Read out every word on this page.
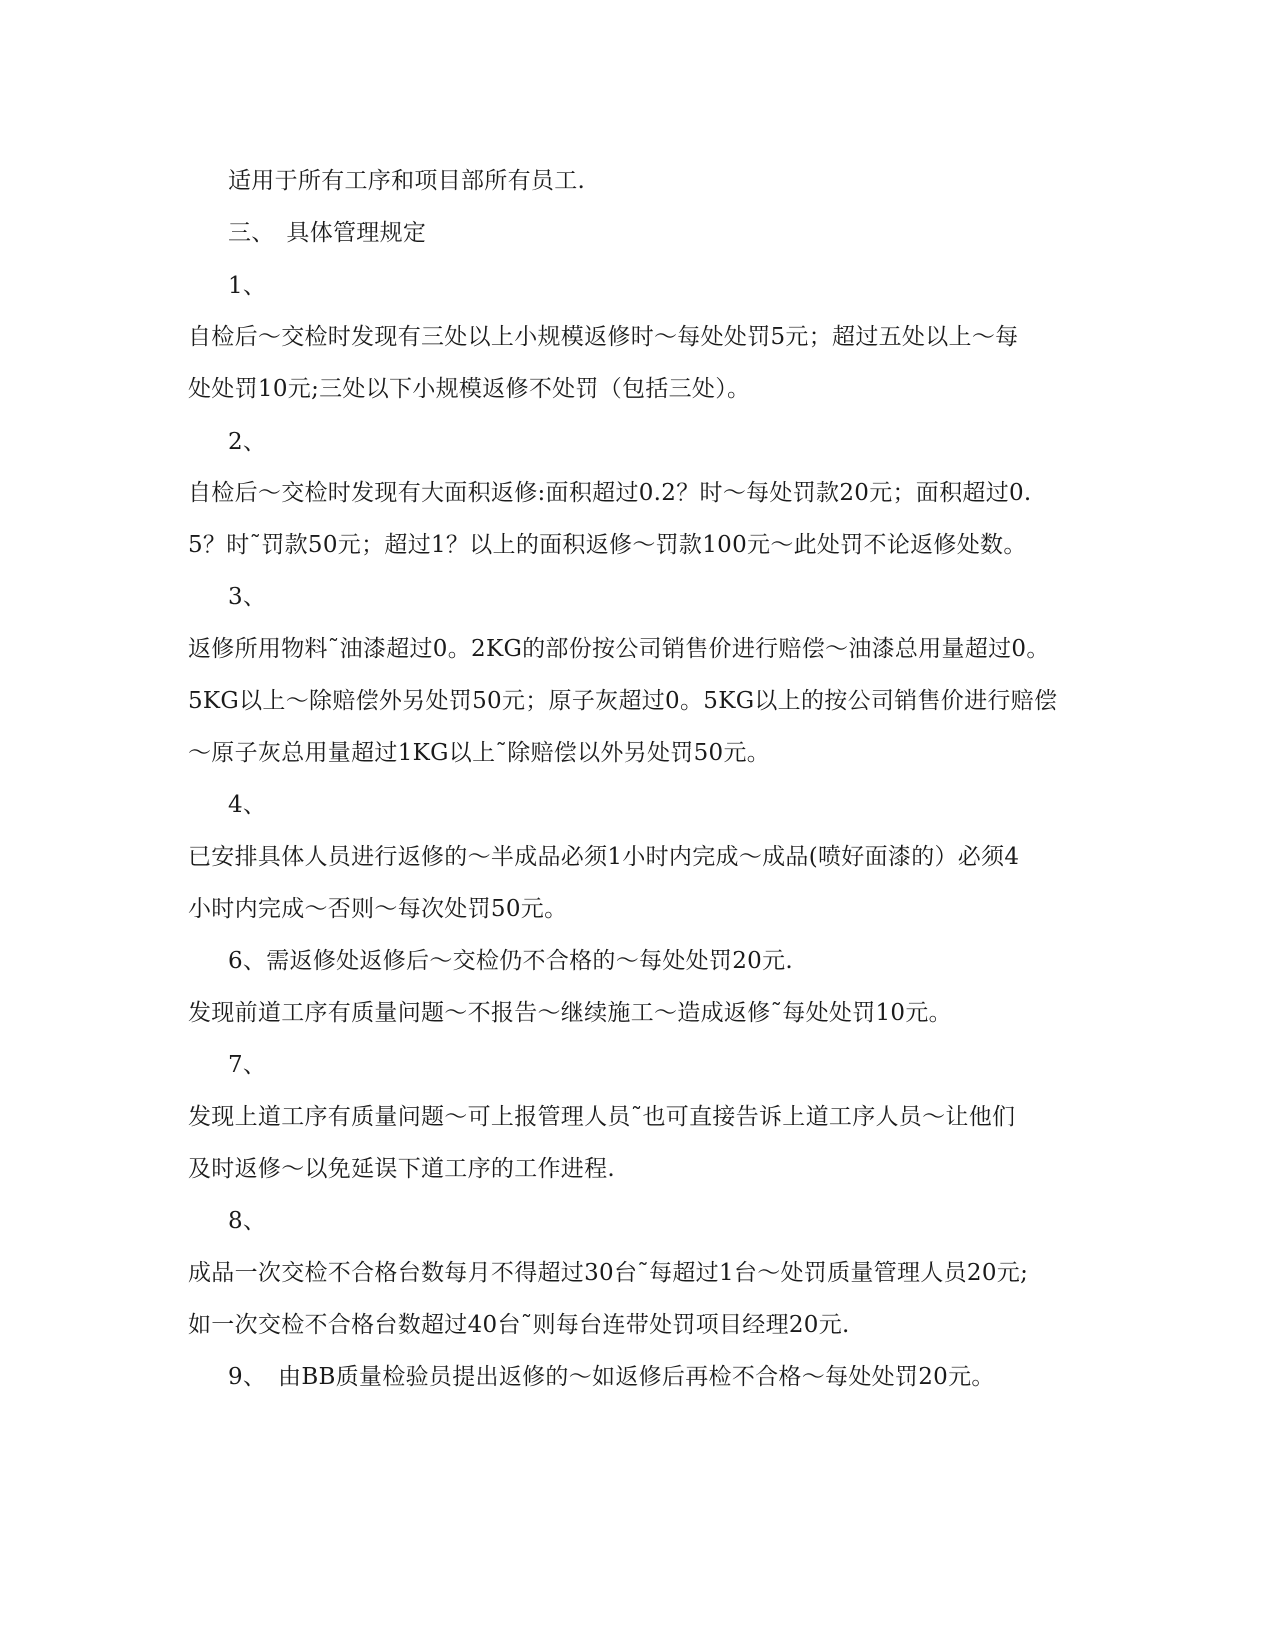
适用于所有工序和项目部所有员工.
三、　具体管理规定
1、
自检后～交检时发现有三处以上小规模返修时～每处处罚5元；超过五处以上～每
处处罚10元;三处以下小规模返修不处罚（包括三处）。
2、
自检后～交检时发现有大面积返修:面积超过0.2？时～每处罚款20元；面积超过0.
5？时˜罚款50元；超过1？以上的面积返修～罚款100元～此处罚不论返修处数。
3、
返修所用物料˜油漆超过0。2KG的部份按公司销售价进行赔偿～油漆总用量超过0。
5KG以上～除赔偿外另处罚50元；原子灰超过0。5KG以上的按公司销售价进行赔偿
～原子灰总用量超过1KG以上˜除赔偿以外另处罚50元。
4、
已安排具体人员进行返修的～半成品必须1小时内完成～成品(喷好面漆的）必须4
小时内完成～否则～每次处罚50元。
6、需返修处返修后～交检仍不合格的～每处处罚20元.
发现前道工序有质量问题～不报告～继续施工～造成返修˜每处处罚10元。
7、
发现上道工序有质量问题～可上报管理人员˜也可直接告诉上道工序人员～让他们
及时返修～以免延误下道工序的工作进程.
8、
成品一次交检不合格台数每月不得超过30台˜每超过1台～处罚质量管理人员20元;
如一次交检不合格台数超过40台˜则每台连带处罚项目经理20元.
9、　由BB质量检验员提出返修的～如返修后再检不合格～每处处罚20元。
